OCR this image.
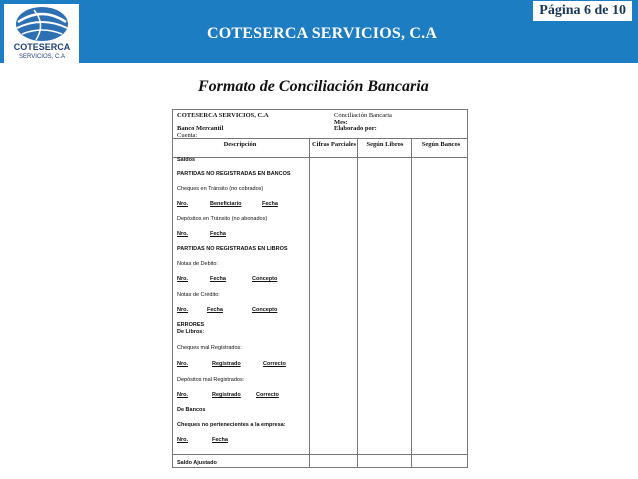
COTESERCA
SERVICIOS, C.A
Página 6 de 10
COTESERCA SERVICIOS, C.A
Formato de Conciliación Bancaria
COTESERCA SERVICIOS, C.A	Conciliación Bancaria
Mes:
Banco Mercantil	Elaborado por:
Cuenta:
Descripción	Cifras Parciales	Según Libros	Según Bancos
Saldos
PARTIDAS NO REGISTRADAS EN BANCOS
Cheques en Tránsito (no cobrados)
Nro.	Beneficiario	Fecha
Depósitos en Tránsito (no abonados)
Nro.	Fecha
PARTIDAS NO REGISTRADAS EN LIBROS
Notas de Debito:
Nro.	Fecha	Concepto
Notas de Crédito:
Nro.	Fecha	Concepto
ERRORES
De Libros:
Cheques mal Registrados:
Nro.	Registrado	Correcto
Depósitos mal Registrados:
Nro.	Registrado	Correcto
De Bancos
Cheques no pertenecientes a la empresa:
Nro.	Fecha
Saldo Ajustado
